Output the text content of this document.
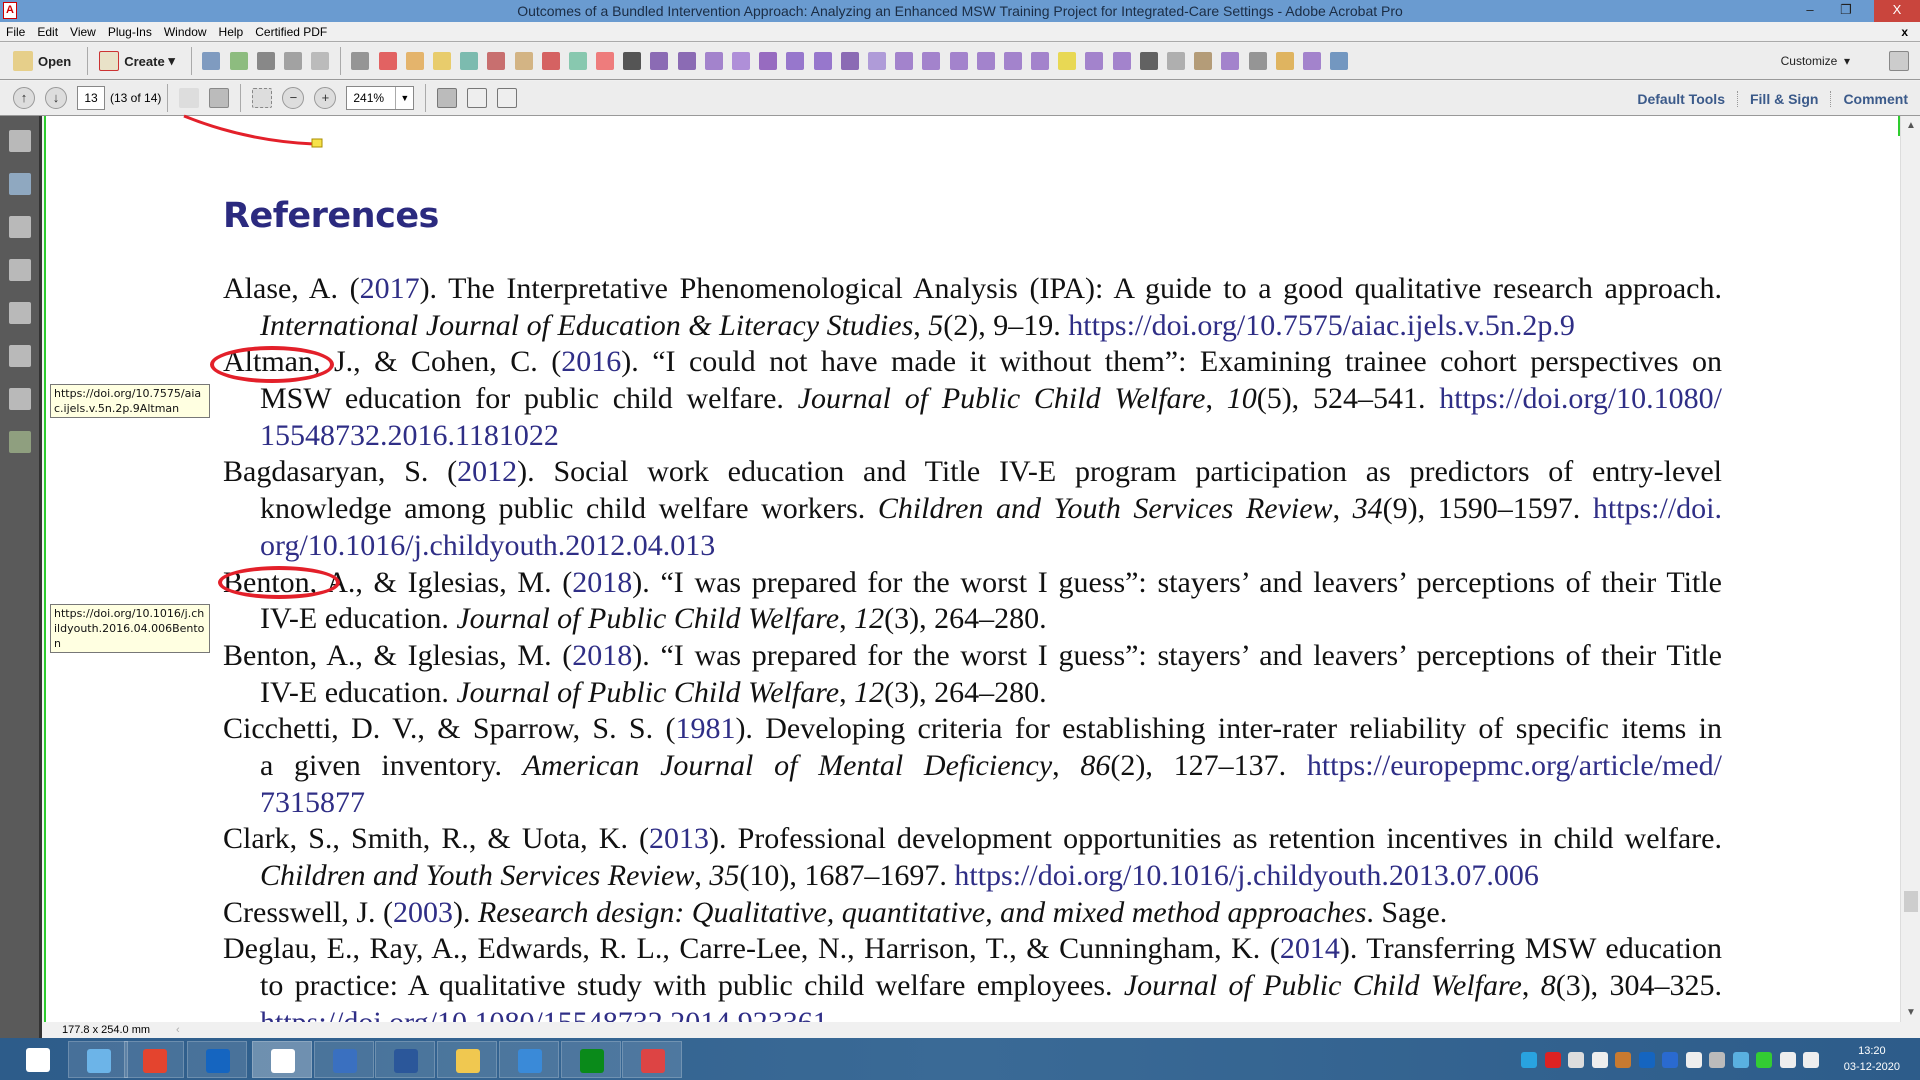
A	Outcomes of a Bundled Intervention Approach: Analyzing an Enhanced MSW Training Project for Integrated-Care Settings - Adobe Acrobat Pro	–	❐	X
File Edit View Plug-Ins Window Help Certified PDF	x
Open	Create ▾	Customize ▾
↑	↓	13	(13 of 14)	−	+	241%	▼	Default Tools	Fill & Sign	Comment
References
Alase, A. (2017). The Interpretative Phenomenological Analysis (IPA): A guide to a good qualitative research approach.
International Journal of Education & Literacy Studies, 5(2), 9–19. https://doi.org/10.7575/aiac.ijels.v.5n.2p.9
Altman, J., & Cohen, C. (2016). “I could not have made it without them”: Examining trainee cohort perspectives on
MSW education for public child welfare. Journal of Public Child Welfare, 10(5), 524–541. https://doi.org/10.1080/
15548732.2016.1181022
Bagdasaryan, S. (2012). Social work education and Title IV-E program participation as predictors of entry-level
knowledge among public child welfare workers. Children and Youth Services Review, 34(9), 1590–1597. https://doi.
org/10.1016/j.childyouth.2012.04.013
Benton, A., & Iglesias, M. (2018). “I was prepared for the worst I guess”: stayers’ and leavers’ perceptions of their Title
IV-E education. Journal of Public Child Welfare, 12(3), 264–280.
Benton, A., & Iglesias, M. (2018). “I was prepared for the worst I guess”: stayers’ and leavers’ perceptions of their Title
IV-E education. Journal of Public Child Welfare, 12(3), 264–280.
Cicchetti, D. V., & Sparrow, S. S. (1981). Developing criteria for establishing inter-rater reliability of specific items in
a given inventory. American Journal of Mental Deficiency, 86(2), 127–137. https://europepmc.org/article/med/
7315877
Clark, S., Smith, R., & Uota, K. (2013). Professional development opportunities as retention incentives in child welfare.
Children and Youth Services Review, 35(10), 1687–1697. https://doi.org/10.1016/j.childyouth.2013.07.006
Cresswell, J. (2003). Research design: Qualitative, quantitative, and mixed method approaches. Sage.
Deglau, E., Ray, A., Edwards, R. L., Carre-Lee, N., Harrison, T., & Cunningham, K. (2014). Transferring MSW education
to practice: A qualitative study with public child welfare employees. Journal of Public Child Welfare, 8(3), 304–325.
https://doi.org/10.7575/aiac.ijels.v.5n.2p.9Altman
https://doi.org/10.1016/j.childyouth.2016.04.006Benton
▲
▼
177.8 x 254.0 mm ‹
13:20
03-12-2020
